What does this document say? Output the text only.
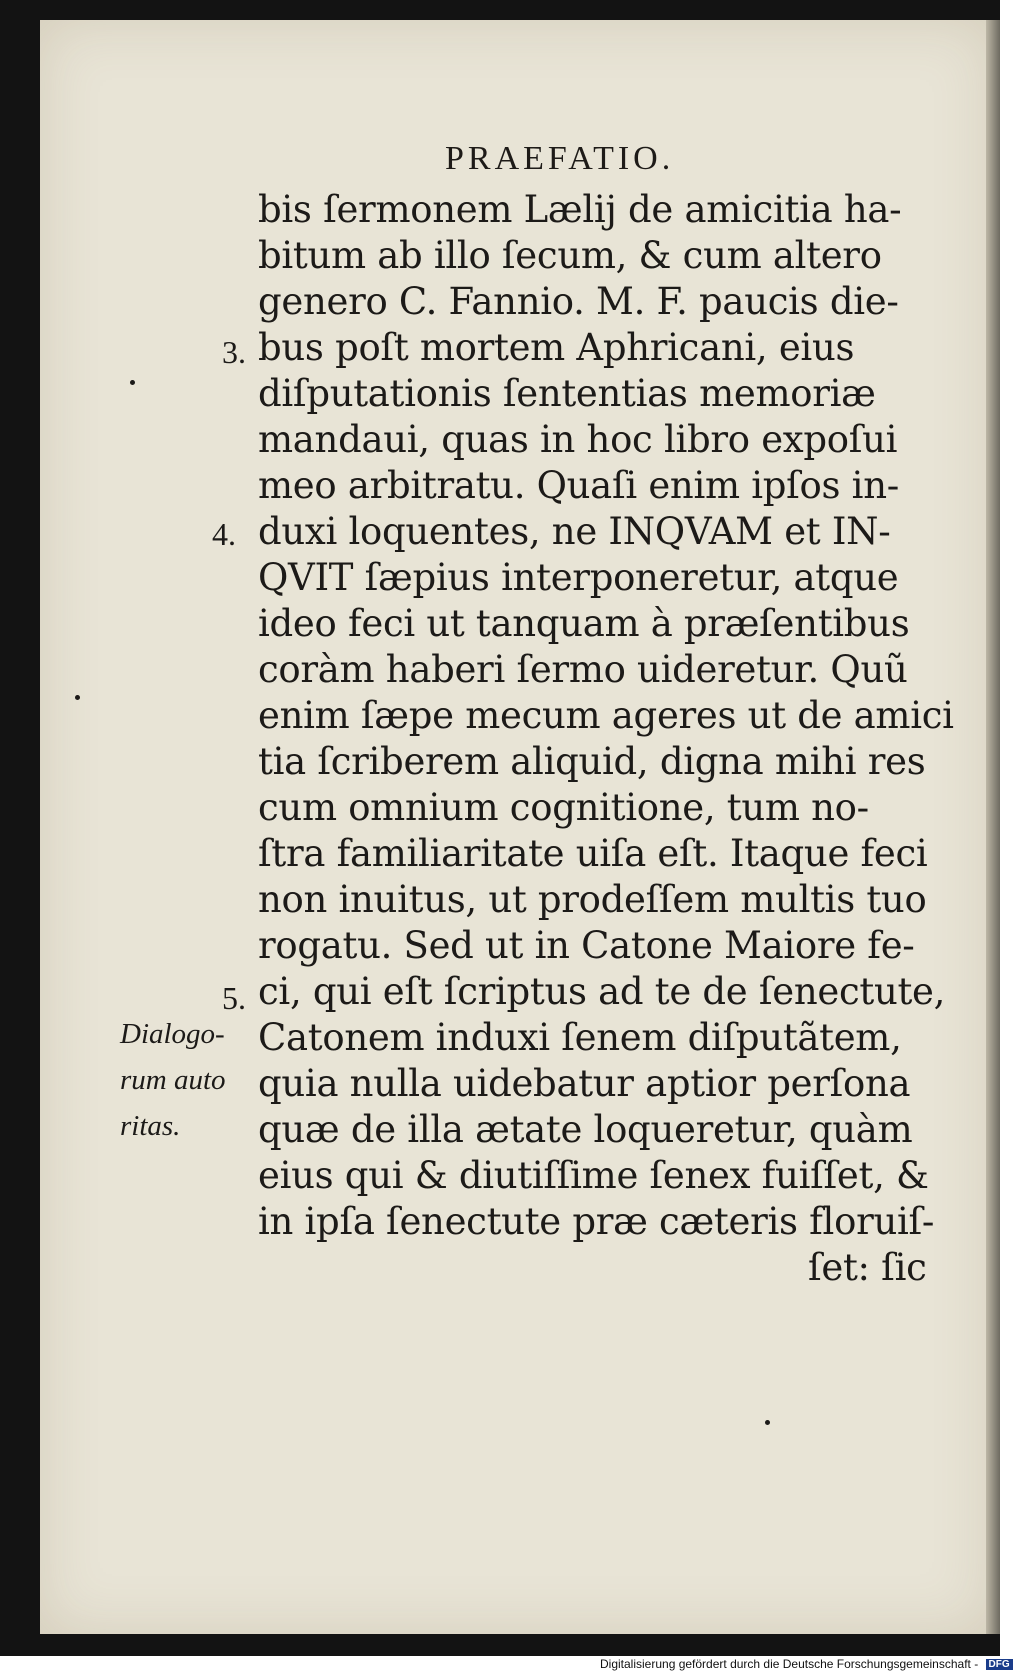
PRAEFATIO.
bis ſermonem Lælij de amicitia ha-
bitum ab illo ſecum, & cum altero
genero C. Fannio. M. F. paucis die-
bus poſt mortem Aphricani, eius
diſputationis ſententias memoriæ
mandaui, quas in hoc libro expoſui
meo arbitratu. Quaſi enim ipſos in-
duxi loquentes, ne INQVAM et IN-
QVIT ſæpius interponeretur, atque
ideo feci ut tanquam à præſentibus
coràm haberi ſermo uideretur. Quũ
enim ſæpe mecum ageres ut de amici
tia ſcriberem aliquid, digna mihi res
cum omnium cognitione, tum no-
ſtra familiaritate uiſa eſt. Itaque feci
non inuitus, ut prodeſſem multis tuo
rogatu. Sed ut in Catone Maiore fe-
ci, qui eſt ſcriptus ad te de ſenectute,
Catonem induxi ſenem diſputãtem,
quia nulla uidebatur aptior perſona
quæ de illa ætate loqueretur, quàm
eius qui & diutiſſime ſenex fuiſſet, &
in ipſa ſenectute præ cæteris floruiſ-
ſet: ſic
3.
4.
5.
Dialogo-
rum auto
ritas.
Digitalisierung gefördert durch die Deutsche Forschungsgemeinschaft - DFG
